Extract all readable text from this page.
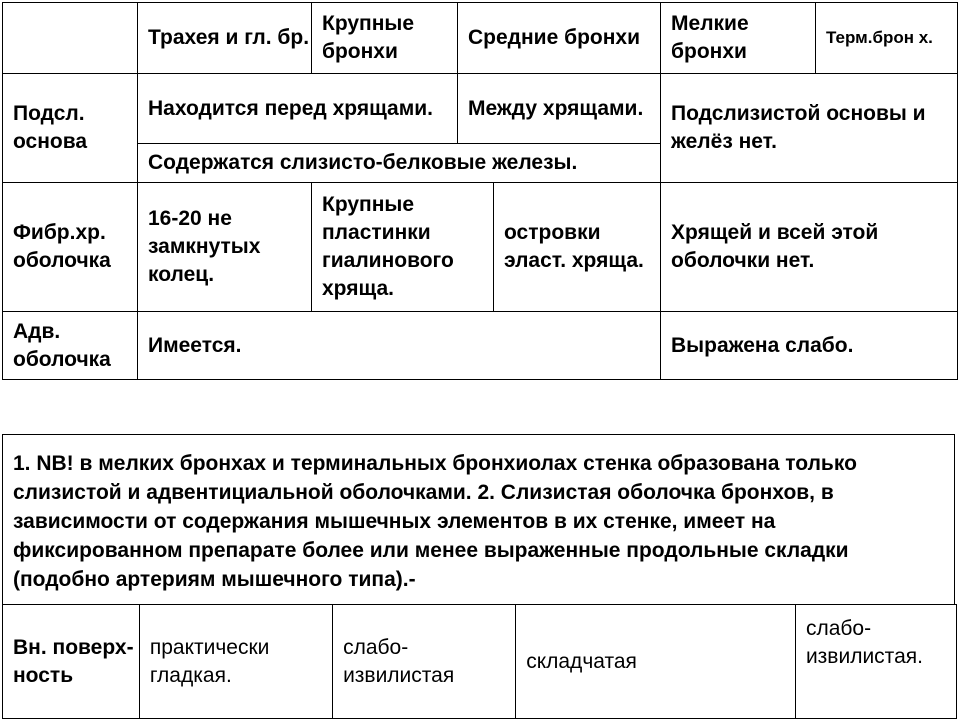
	Трахея и гл. бр.	Крупные бронхи	Средние бронхи		Мелкие бронхи	Терм.брон х.
Подсл. основа	Находится перед хрящами.		Между хрящами.		Подслизистой основы и желёз нет.	
	Содержатся слизисто-белковые железы.					
Фибр.хр. оболочка	16-20 не замкнутых колец.	Крупные пластинки гиалинового хряща.		островки эласт. хряща.	Хрящей и всей этой оболочки нет.	
Адв. оболочка	Имеется.				Выражена слабо.	
1. NB! в мелких бронхах и терминальных бронхиолах стенка образована только слизистой и адвентициальной оболочками. 2. Слизистая оболочка бронхов, в зависимости от содержания мышечных элементов в их стенке, имеет на фиксированном препарате более или менее выраженные продольные складки (подобно артериям мышечного типа).-
Вн. поверх-ность	практически гладкая.	слабо-извилистая	складчатая	слабо-извилистая.
